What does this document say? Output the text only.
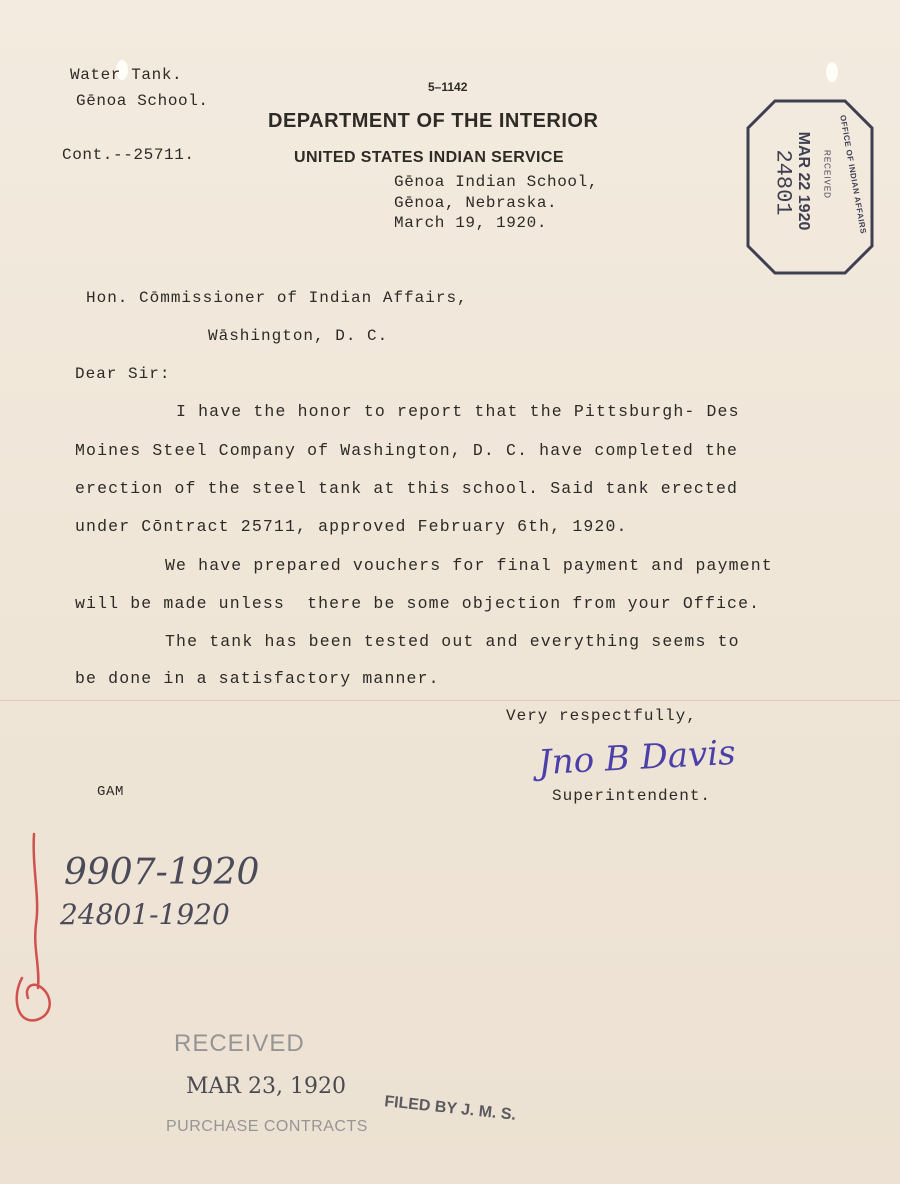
Water Tank.
Gēnoa School.
Cont.--25711.
5–1142
DEPARTMENT OF THE INTERIOR
UNITED STATES INDIAN SERVICE
Gēnoa Indian School,
Gēnoa, Nebraska.
March 19, 1920.	MAR 22 1920
24801	RECEIVED OFFICE OF INDIAN AFFAIRS
Hon. Cōmmissioner of Indian Affairs,
Wāshington, D. C.
Dear Sir:
I have the honor to report that the Pittsburgh- Des
Moines Steel Company of Washington, D. C. have completed the
erection of the steel tank at this school. Said tank erected
under Cōntract 25711, approved February 6th, 1920.
We have prepared vouchers for final payment and payment
will be made unless  there be some objection from your Office.
The tank has been tested out and everything seems to
be done in a satisfactory manner.
Very respectfully,
Jno B Davis
Superintendent.
GAM
9907-1920
24801-1920
RECEIVED
MAR 23, 1920
PURCHASE CONTRACTS
FILED BY J. M. S.
